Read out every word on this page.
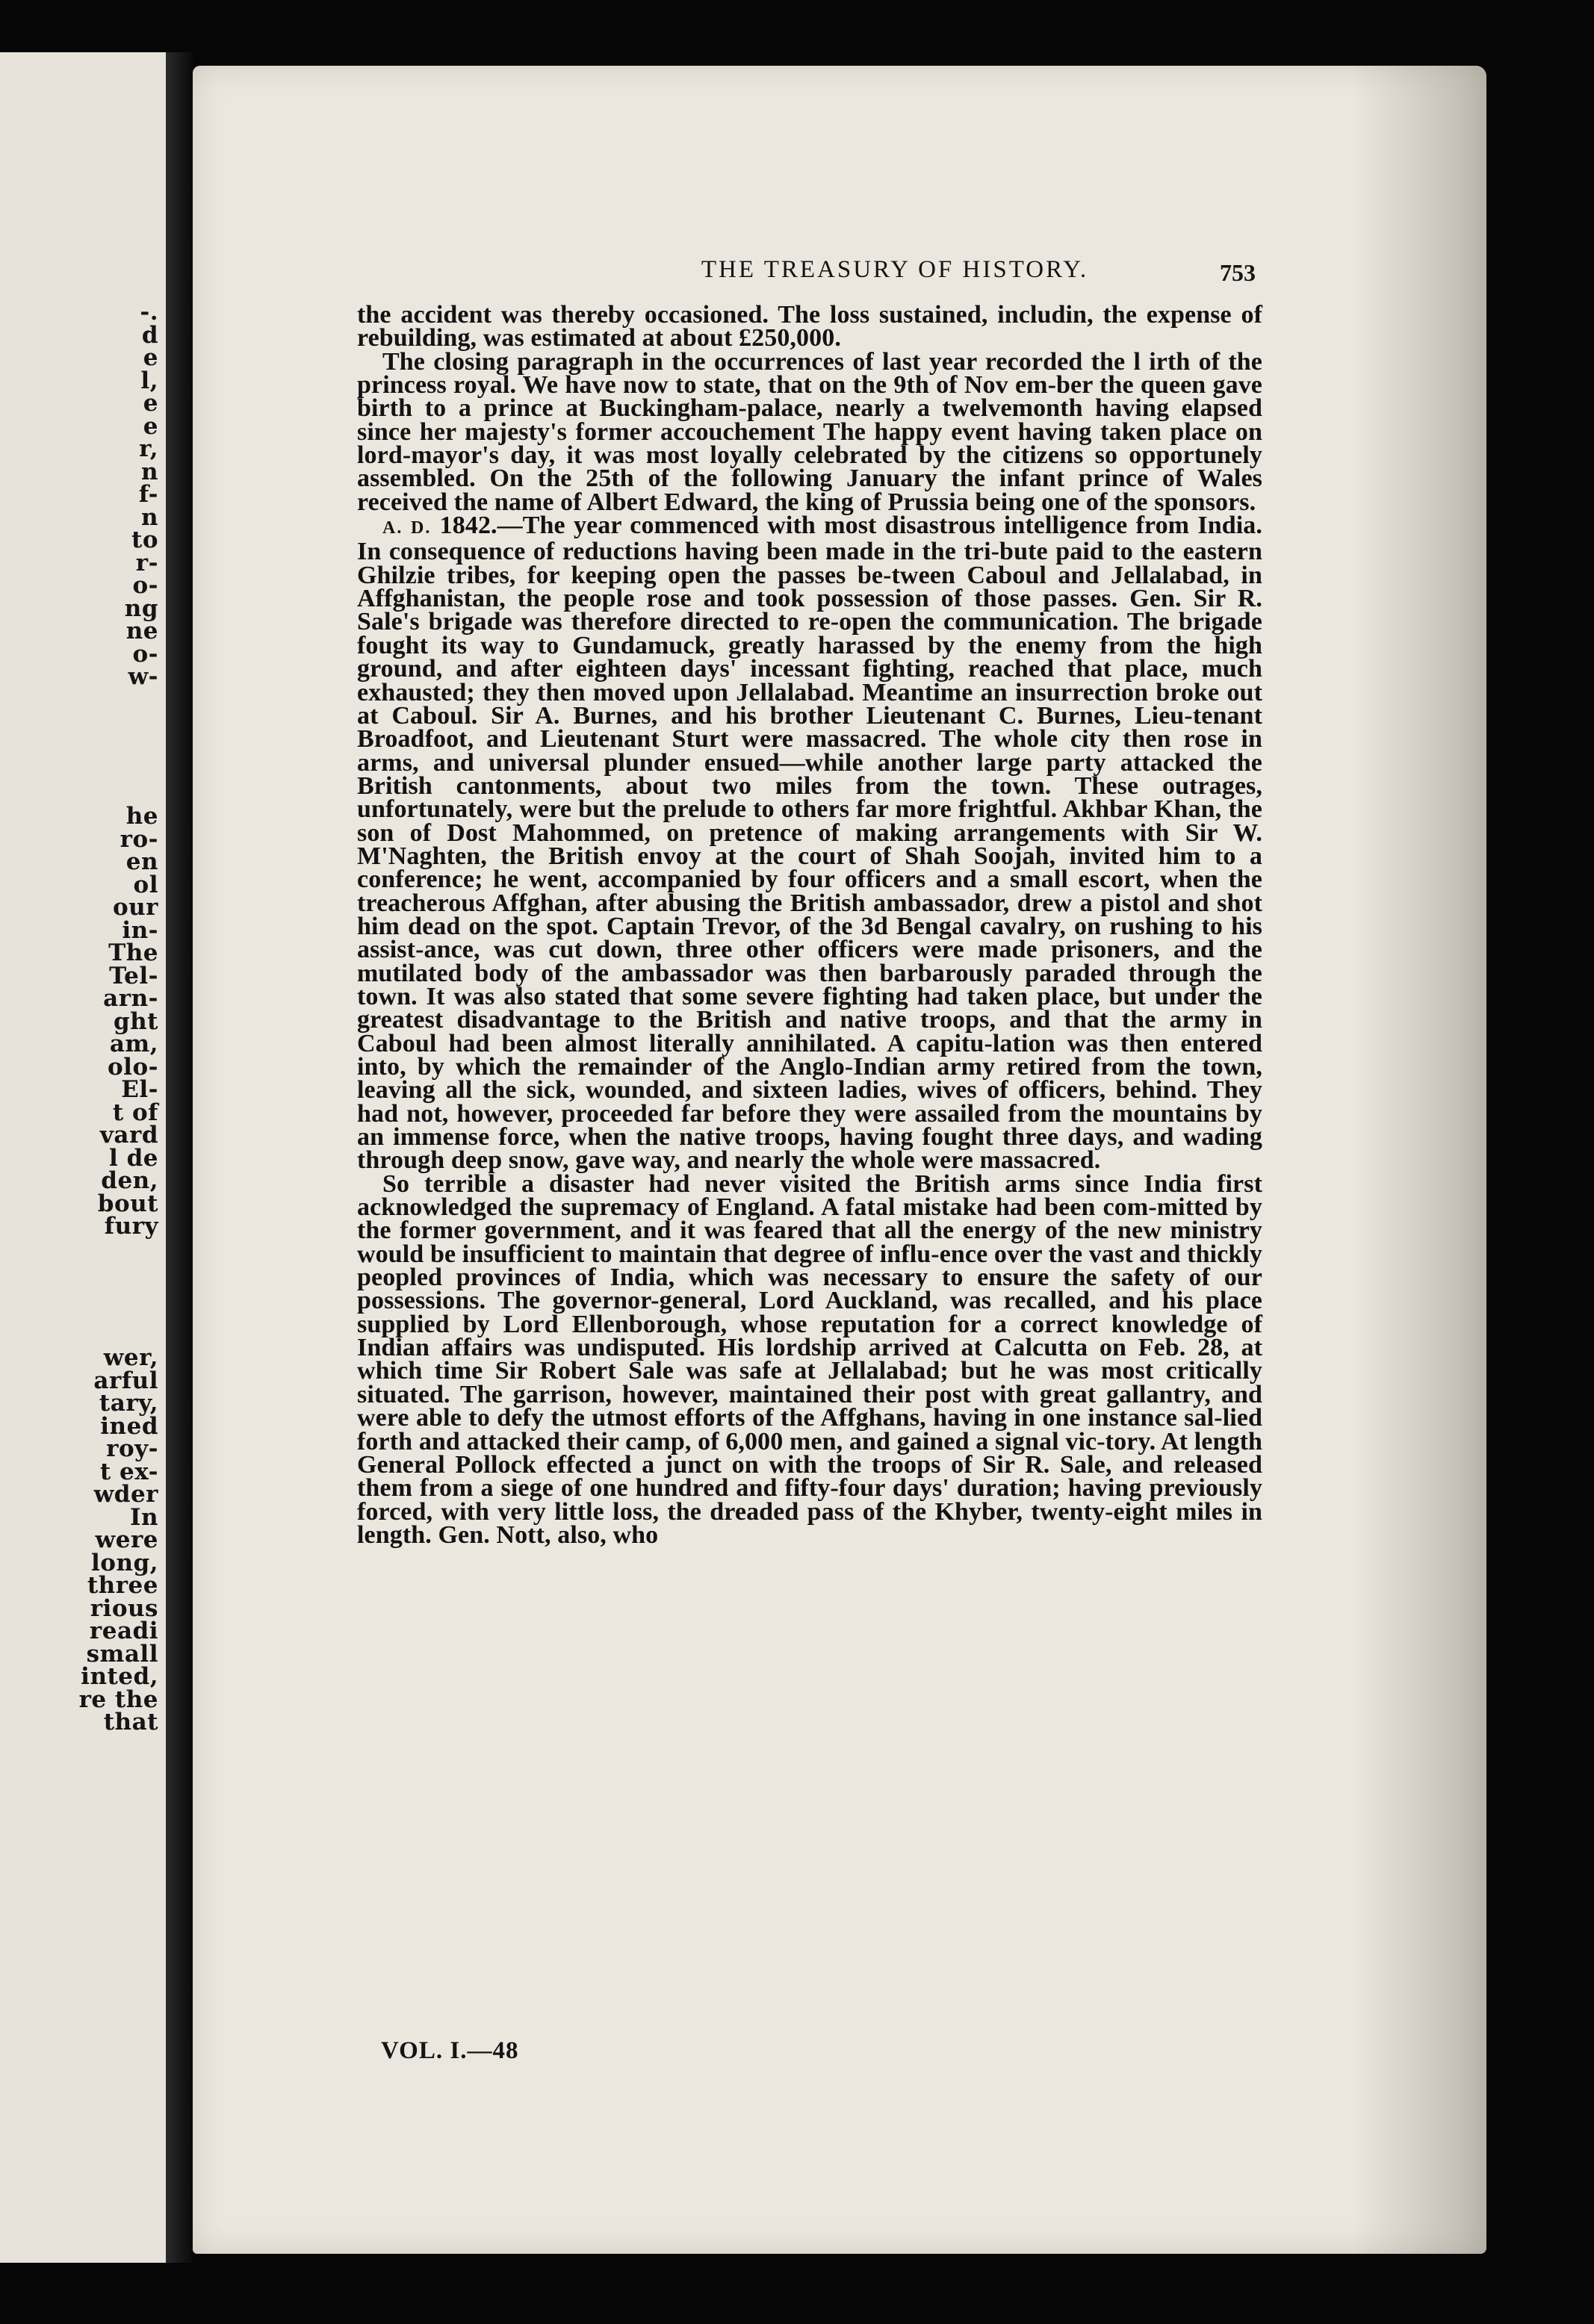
-.
d
e
l,
e
e
r,
n
f-
n
to
r-
o-
ng
ne
o-
w-
he
ro-
en
ol
our
in-
The
Tel-
arn-
ght
am,
olo-
El-
t of
vard
l de
den,
bout
fury
wer,
arful
tary,
ined
roy-
t ex-
wder
In
were
long,
three
rious
readi
small
inted,
re the
that
THE TREASURY OF HISTORY.	753

the accident was thereby occasioned. The loss sustained, includin, the expense of rebuilding, was estimated at about £250,000.

The closing paragraph in the occurrences of last year recorded the l irth of the princess royal. We have now to state, that on the 9th of Nov em-ber the queen gave birth to a prince at Buckingham-palace, nearly a twelvemonth having elapsed since her majesty's former accouchement The happy event having taken place on lord-mayor's day, it was most loyally celebrated by the citizens so opportunely assembled. On the 25th of the following January the infant prince of Wales received the name of Albert Edward, the king of Prussia being one of the sponsors.

A. D. 1842.—The year commenced with most disastrous intelligence from India. In consequence of reductions having been made in the tri-bute paid to the eastern Ghilzie tribes, for keeping open the passes be-tween Caboul and Jellalabad, in Affghanistan, the people rose and took possession of those passes. Gen. Sir R. Sale's brigade was therefore directed to re-open the communication. The brigade fought its way to Gundamuck, greatly harassed by the enemy from the high ground, and after eighteen days' incessant fighting, reached that place, much exhausted; they then moved upon Jellalabad. Meantime an insurrection broke out at Caboul. Sir A. Burnes, and his brother Lieutenant C. Burnes, Lieu-tenant Broadfoot, and Lieutenant Sturt were massacred. The whole city then rose in arms, and universal plunder ensued—while another large party attacked the British cantonments, about two miles from the town. These outrages, unfortunately, were but the prelude to others far more frightful. Akhbar Khan, the son of Dost Mahommed, on pretence of making arrangements with Sir W. M'Naghten, the British envoy at the court of Shah Soojah, invited him to a conference; he went, accompanied by four officers and a small escort, when the treacherous Affghan, after abusing the British ambassador, drew a pistol and shot him dead on the spot. Captain Trevor, of the 3d Bengal cavalry, on rushing to his assist-ance, was cut down, three other officers were made prisoners, and the mutilated body of the ambassador was then barbarously paraded through the town. It was also stated that some severe fighting had taken place, but under the greatest disadvantage to the British and native troops, and that the army in Caboul had been almost literally annihilated. A capitu-lation was then entered into, by which the remainder of the Anglo-Indian army retired from the town, leaving all the sick, wounded, and sixteen ladies, wives of officers, behind. They had not, however, proceeded far before they were assailed from the mountains by an immense force, when the native troops, having fought three days, and wading through deep snow, gave way, and nearly the whole were massacred.

So terrible a disaster had never visited the British arms since India first acknowledged the supremacy of England. A fatal mistake had been com-mitted by the former government, and it was feared that all the energy of the new ministry would be insufficient to maintain that degree of influ-ence over the vast and thickly peopled provinces of India, which was necessary to ensure the safety of our possessions. The governor-general, Lord Auckland, was recalled, and his place supplied by Lord Ellenborough, whose reputation for a correct knowledge of Indian affairs was undisputed. His lordship arrived at Calcutta on Feb. 28, at which time Sir Robert Sale was safe at Jellalabad; but he was most critically situated. The garrison, however, maintained their post with great gallantry, and were able to defy the utmost efforts of the Affghans, having in one instance sal-lied forth and attacked their camp, of 6,000 men, and gained a signal vic-tory. At length General Pollock effected a junct on with the troops of Sir R. Sale, and released them from a siege of one hundred and fifty-four days' duration; having previously forced, with very little loss, the dreaded pass of the Khyber, twenty-eight miles in length. Gen. Nott, also, who

VOL. I.—48
